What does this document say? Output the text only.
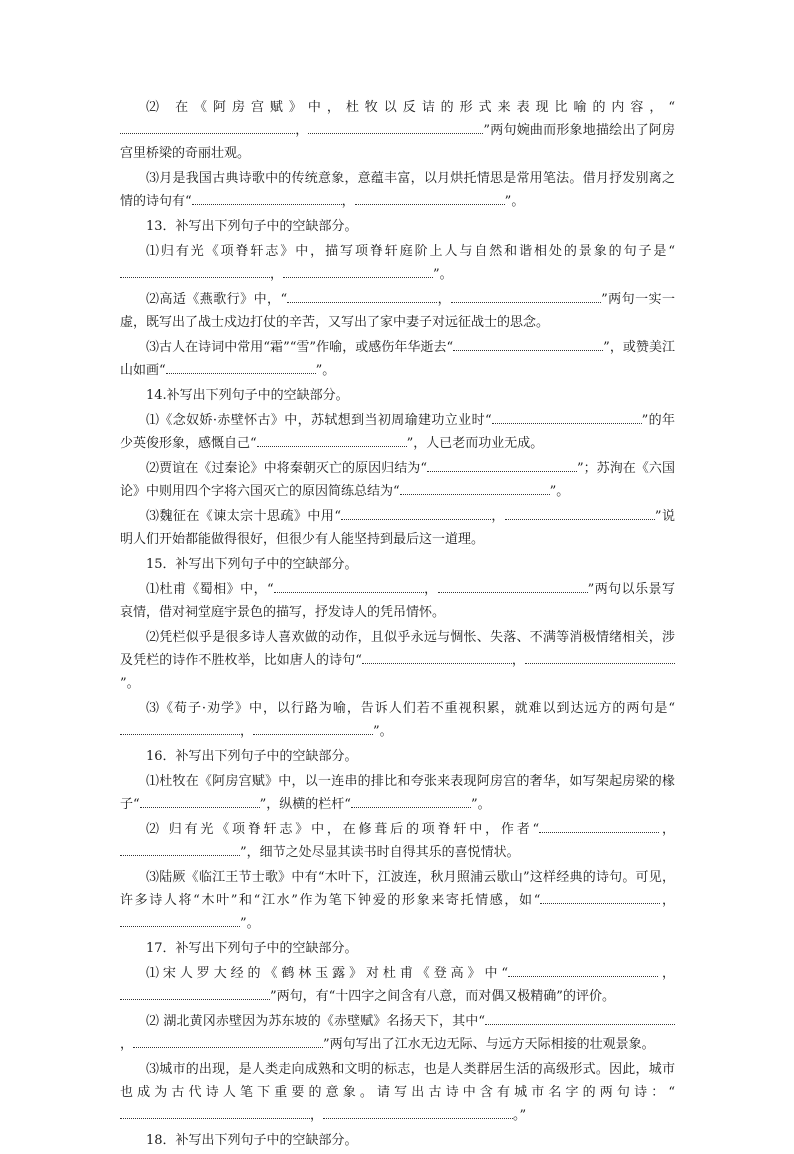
⑵ 在《阿房宫赋》中，杜牧以反诘的形式来表现比喻的内容，“，	”两句婉曲而形象地描绘出了阿房宫里桥梁的奇丽壮观。

⑶月是我国古典诗歌中的传统意象，意蕴丰富，以月烘托情思是常用笔法。借月抒发别离之情的诗句有“	，	”。

13．补写出下列句子中的空缺部分。

⑴归有光《项脊轩志》中，描写项脊轩庭阶上人与自然和谐相处的景象的句子是“，	”。

⑵高适《燕歌行》中，“	，	”两句一实一虚，既写出了战士戍边打仗的辛苦，又写出了家中妻子对远征战士的思念。

⑶古人在诗词中常用“霜”“雪”作喻，或感伤年华逝去“	”，或赞美江山如画“	”。

14.补写出下列句子中的空缺部分。

⑴《念奴娇·赤壁怀古》中，苏轼想到当初周瑜建功立业时“	”的年少英俊形象，感慨自己“	”，人已老而功业无成。

⑵贾谊在《过秦论》中将秦朝灭亡的原因归结为“	”；苏洵在《六国论》中则用四个字将六国灭亡的原因简练总结为“	”。

⑶魏征在《谏太宗十思疏》中用“	，	”说明人们开始都能做得很好，但很少有人能坚持到最后这一道理。

15．补写出下列句子中的空缺部分。

⑴杜甫《蜀相》中，“	，	”两句以乐景写哀情，借对祠堂庭宇景色的描写，抒发诗人的凭吊情怀。

⑵凭栏似乎是很多诗人喜欢做的动作，且似乎永远与惆怅、失落、不满等消极情绪相关，涉及凭栏的诗作不胜枚举，比如唐人的诗句“	，”。

⑶《荀子·劝学》中，以行路为喻，告诉人们若不重视积累，就难以到达远方的两句是“，	”。

16．补写出下列句子中的空缺部分。

⑴杜牧在《阿房宫赋》中，以一连串的排比和夸张来表现阿房宫的奢华，如写架起房梁的椽子“	”，纵横的栏杆“	”。

⑵ 归有光《项脊轩志》中，在修葺后的项脊轩中，作者“	，”，细节之处尽显其读书时自得其乐的喜悦情状。

⑶陆厥《临江王节士歌》中有“木叶下，江波连，秋月照浦云歇山”这样经典的诗句。可见，许多诗人将“木叶”和“江水”作为笔下钟爱的形象来寄托情感，如“	，”。

17．补写出下列句子中的空缺部分。

⑴宋人罗大经的《鹤林玉露》对杜甫《登高》中“	，”两句，有“十四字之间含有八意，而对偶又极精确”的评价。

⑵ 湖北黄冈赤壁因为苏东坡的《赤壁赋》名扬天下，其中“，	”两句写出了江水无边无际、与远方天际相接的壮观景象。

⑶城市的出现，是人类走向成熟和文明的标志，也是人类群居生活的高级形式。因此，城市也成为古代诗人笔下重要的意象。请写出古诗中含有城市名字的两句诗：“，	。”

18．补写出下列句子中的空缺部分。
